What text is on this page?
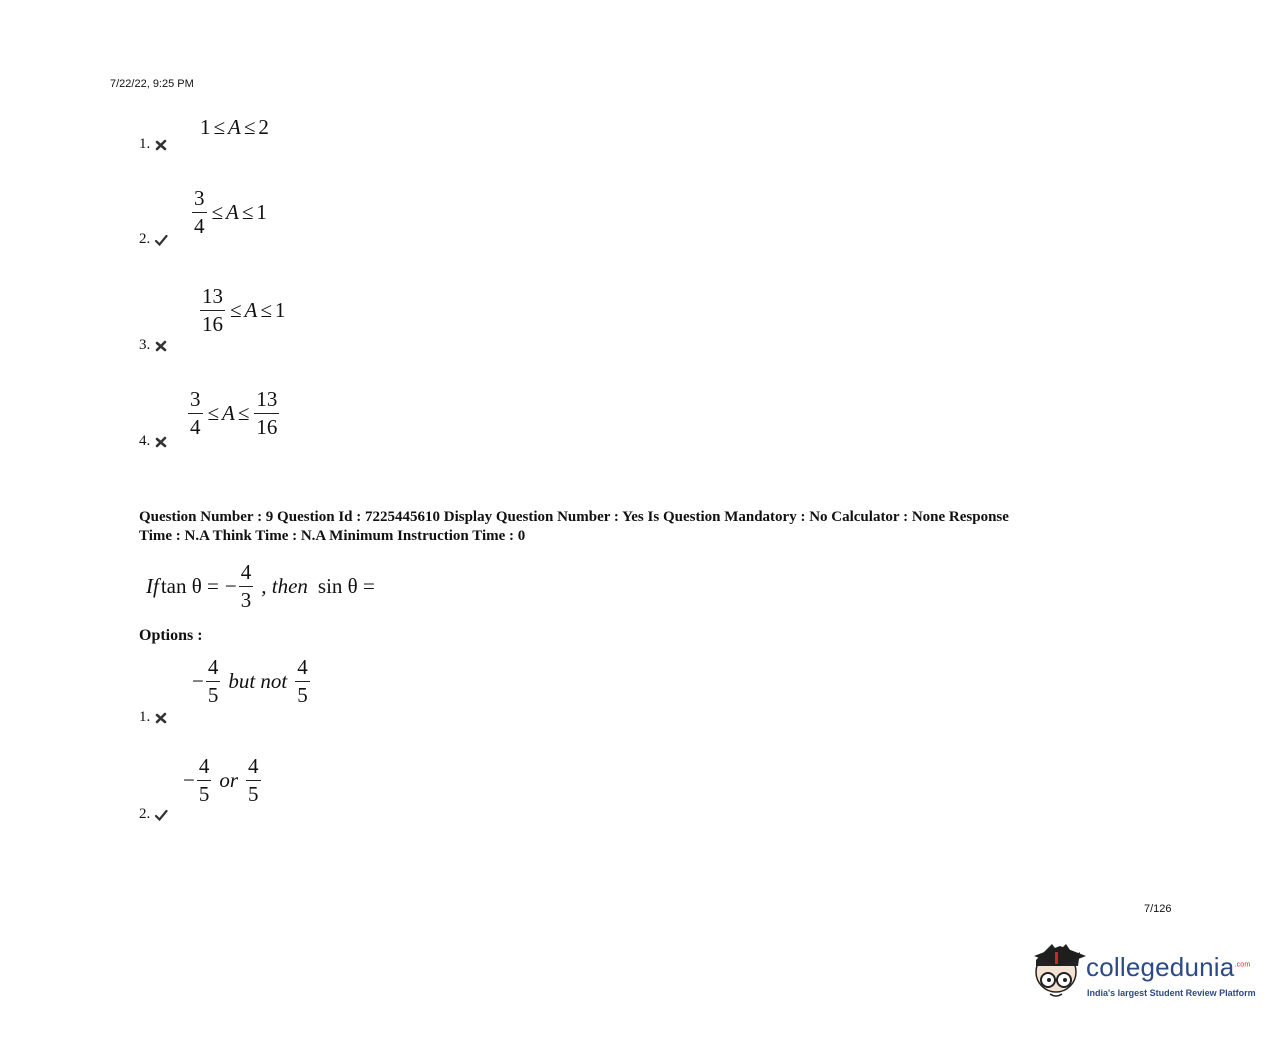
7/22/22, 9:25 PM
1 ≤ A ≤ 2
1.
$\frac{3}{4} \le A \le 1$
2.
$\frac{13}{16} \le A \le 1$
3.
$\frac{3}{4} \le A \le \frac{13}{16}$
4.
Question Number : 9 Question Id : 7225445610 Display Question Number : Yes Is Question Mandatory : No Calculator : None Response
Time : N.A Think Time : N.A Minimum Instruction Time : 0
If tan θ = − $\frac{4}{3}$ , then sin θ =
Options :
− $\frac{4}{5}$ but not $\frac{4}{5}$
1.
− $\frac{4}{5}$ or $\frac{4}{5}$
2.
7/126
collegedunia$^{.com}$
India's largest Student Review Platform
